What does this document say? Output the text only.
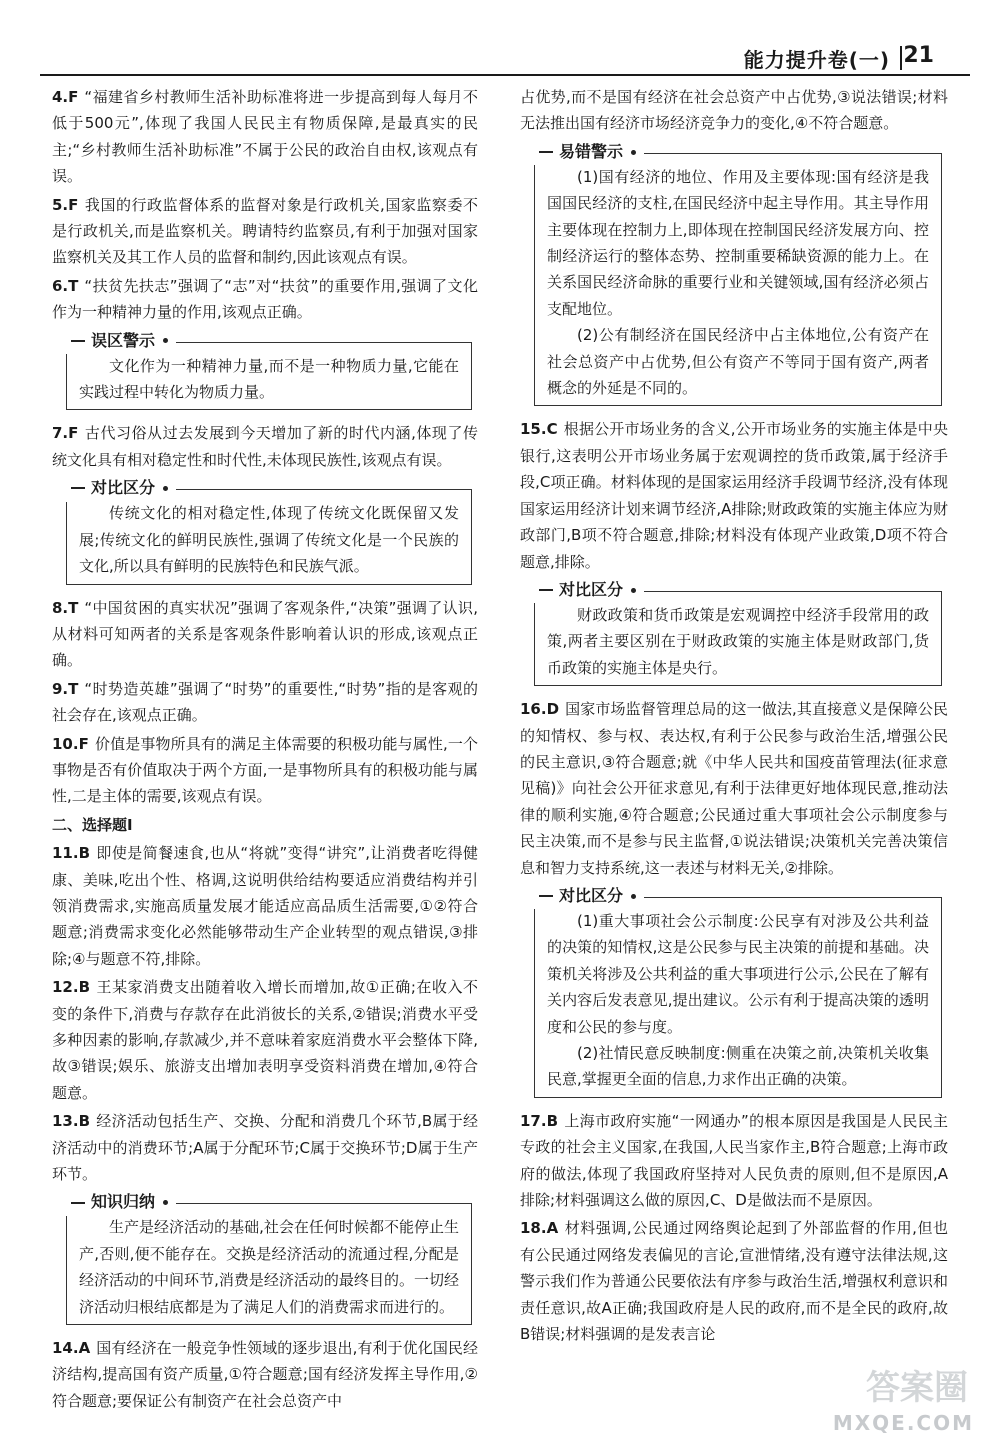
能力提升卷(一) 21

4.F “福建省乡村教师生活补助标准将进一步提高到每人每月不低于500元”,体现了我国人民民主有物质保障,是最真实的民主;“乡村教师生活补助标准”不属于公民的政治自由权,该观点有误。

5.F 我国的行政监督体系的监督对象是行政机关,国家监察委不是行政机关,而是监察机关。聘请特约监察员,有利于加强对国家监察机关及其工作人员的监督和制约,因此该观点有误。

6.T “扶贫先扶志”强调了“志”对“扶贫”的重要作用,强调了文化作为一种精神力量的作用,该观点正确。

误区警示

文化作为一种精神力量,而不是一种物质力量,它能在实践过程中转化为物质力量。

7.F 古代习俗从过去发展到今天增加了新的时代内涵,体现了传统文化具有相对稳定性和时代性,未体现民族性,该观点有误。

对比区分

传统文化的相对稳定性,体现了传统文化既保留又发展;传统文化的鲜明民族性,强调了传统文化是一个民族的文化,所以具有鲜明的民族特色和民族气派。

8.T “中国贫困的真实状况”强调了客观条件,“决策”强调了认识,从材料可知两者的关系是客观条件影响着认识的形成,该观点正确。

9.T “时势造英雄”强调了“时势”的重要性,“时势”指的是客观的社会存在,该观点正确。

10.F 价值是事物所具有的满足主体需要的积极功能与属性,一个事物是否有价值取决于两个方面,一是事物所具有的积极功能与属性,二是主体的需要,该观点有误。

二、选择题Ⅰ

11.B 即使是简餐速食,也从“将就”变得“讲究”,让消费者吃得健康、美味,吃出个性、格调,这说明供给结构要适应消费结构并引领消费需求,实施高质量发展才能适应高品质生活需要,①②符合题意;消费需求变化必然能够带动生产企业转型的观点错误,③排除;④与题意不符,排除。

12.B 王某家消费支出随着收入增长而增加,故①正确;在收入不变的条件下,消费与存款存在此消彼长的关系,②错误;消费水平受多种因素的影响,存款减少,并不意味着家庭消费水平会整体下降,故③错误;娱乐、旅游支出增加表明享受资料消费在增加,④符合题意。

13.B 经济活动包括生产、交换、分配和消费几个环节,B属于经济活动中的消费环节;A属于分配环节;C属于交换环节;D属于生产环节。

知识归纳

生产是经济活动的基础,社会在任何时候都不能停止生产,否则,便不能存在。交换是经济活动的流通过程,分配是经济活动的中间环节,消费是经济活动的最终目的。一切经济活动归根结底都是为了满足人们的消费需求而进行的。

14.A 国有经济在一般竞争性领域的逐步退出,有利于优化国民经济结构,提高国有资产质量,①符合题意;国有经济发挥主导作用,②符合题意;要保证公有制资产在社会总资产中

占优势,而不是国有经济在社会总资产中占优势,③说法错误;材料无法推出国有经济市场经济竞争力的变化,④不符合题意。

易错警示

(1)国有经济的地位、作用及主要体现:国有经济是我国国民经济的支柱,在国民经济中起主导作用。其主导作用主要体现在控制力上,即体现在控制国民经济发展方向、控制经济运行的整体态势、控制重要稀缺资源的能力上。在关系国民经济命脉的重要行业和关键领域,国有经济必须占支配地位。

(2)公有制经济在国民经济中占主体地位,公有资产在社会总资产中占优势,但公有资产不等同于国有资产,两者概念的外延是不同的。

15.C 根据公开市场业务的含义,公开市场业务的实施主体是中央银行,这表明公开市场业务属于宏观调控的货币政策,属于经济手段,C项正确。材料体现的是国家运用经济手段调节经济,没有体现国家运用经济计划来调节经济,A排除;财政政策的实施主体应为财政部门,B项不符合题意,排除;材料没有体现产业政策,D项不符合题意,排除。

对比区分

财政政策和货币政策是宏观调控中经济手段常用的政策,两者主要区别在于财政政策的实施主体是财政部门,货币政策的实施主体是央行。

16.D 国家市场监督管理总局的这一做法,其直接意义是保障公民的知情权、参与权、表达权,有利于公民参与政治生活,增强公民的民主意识,③符合题意;就《中华人民共和国疫苗管理法(征求意见稿)》向社会公开征求意见,有利于法律更好地体现民意,推动法律的顺利实施,④符合题意;公民通过重大事项社会公示制度参与民主决策,而不是参与民主监督,①说法错误;决策机关完善决策信息和智力支持系统,这一表述与材料无关,②排除。

对比区分

(1)重大事项社会公示制度:公民享有对涉及公共利益的决策的知情权,这是公民参与民主决策的前提和基础。决策机关将涉及公共利益的重大事项进行公示,公民在了解有关内容后发表意见,提出建议。公示有利于提高决策的透明度和公民的参与度。

(2)社情民意反映制度:侧重在决策之前,决策机关收集民意,掌握更全面的信息,力求作出正确的决策。

17.B 上海市政府实施“一网通办”的根本原因是我国是人民民主专政的社会主义国家,在我国,人民当家作主,B符合题意;上海市政府的做法,体现了我国政府坚持对人民负责的原则,但不是原因,A排除;材料强调这么做的原因,C、D是做法而不是原因。

18.A 材料强调,公民通过网络舆论起到了外部监督的作用,但也有公民通过网络发表偏见的言论,宣泄情绪,没有遵守法律法规,这警示我们作为普通公民要依法有序参与政治生活,增强权利意识和责任意识,故A正确;我国政府是人民的政府,而不是全民的政府,故B错误;材料强调的是发表言论

答案圈
MXQE.COM
